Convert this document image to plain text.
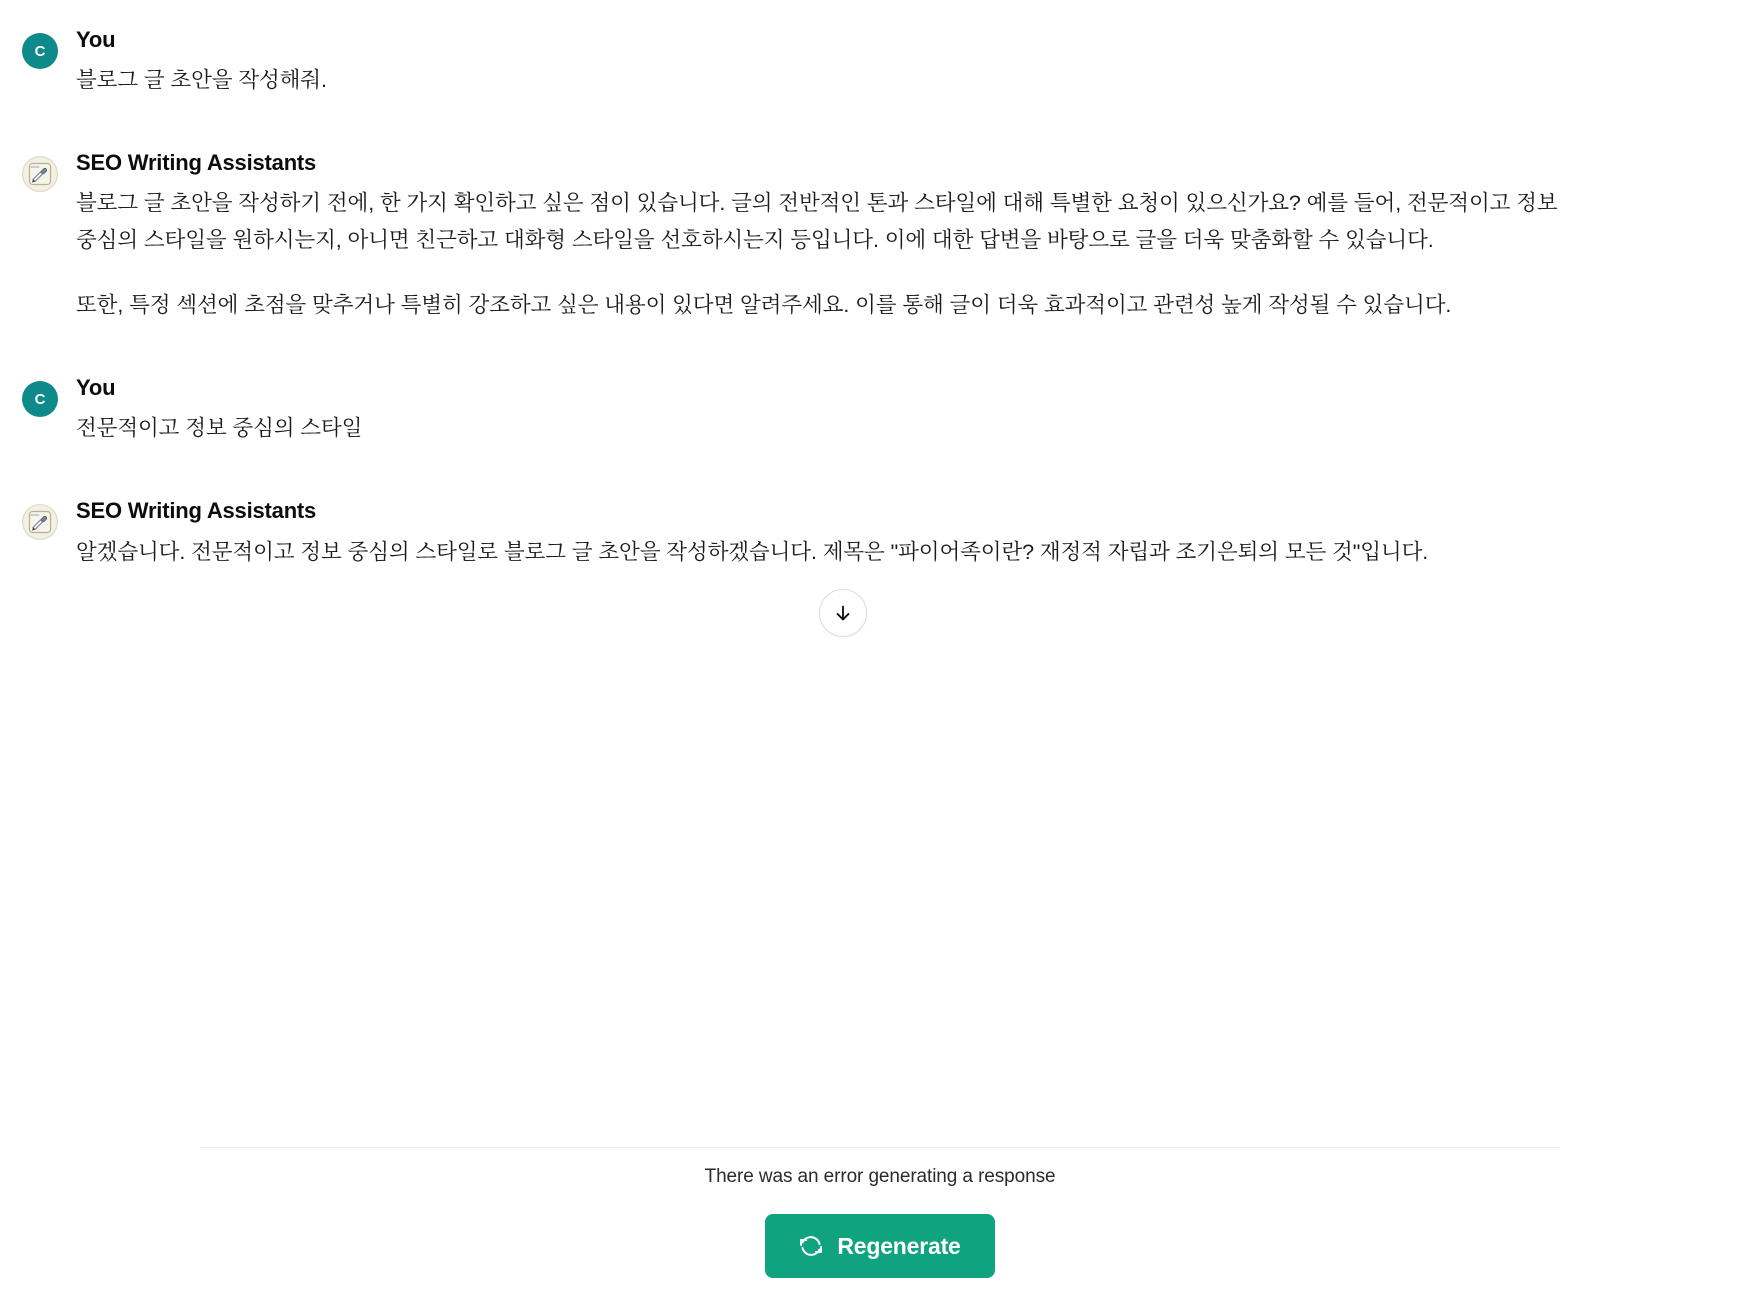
C You

블로그 글 초안을 작성해줘.

SEO Writing Assistants

블로그 글 초안을 작성하기 전에, 한 가지 확인하고 싶은 점이 있습니다. 글의 전반적인 톤과 스타일에 대해 특별한 요청이 있으신가요? 예를 들어, 전문적이고 정보 중심의 스타일을 원하시는지, 아니면 친근하고 대화형 스타일을 선호하시는지 등입니다. 이에 대한 답변을 바탕으로 글을 더욱 맞춤화할 수 있습니다.

또한, 특정 섹션에 초점을 맞추거나 특별히 강조하고 싶은 내용이 있다면 알려주세요. 이를 통해 글이 더욱 효과적이고 관련성 높게 작성될 수 있습니다.

C You

전문적이고 정보 중심의 스타일

SEO Writing Assistants

알겠습니다. 전문적이고 정보 중심의 스타일로 블로그 글 초안을 작성하겠습니다. 제목은 "파이어족이란? 재정적 자립과 조기은퇴의 모든 것"입니다.

There was an error generating a response
Regenerate
